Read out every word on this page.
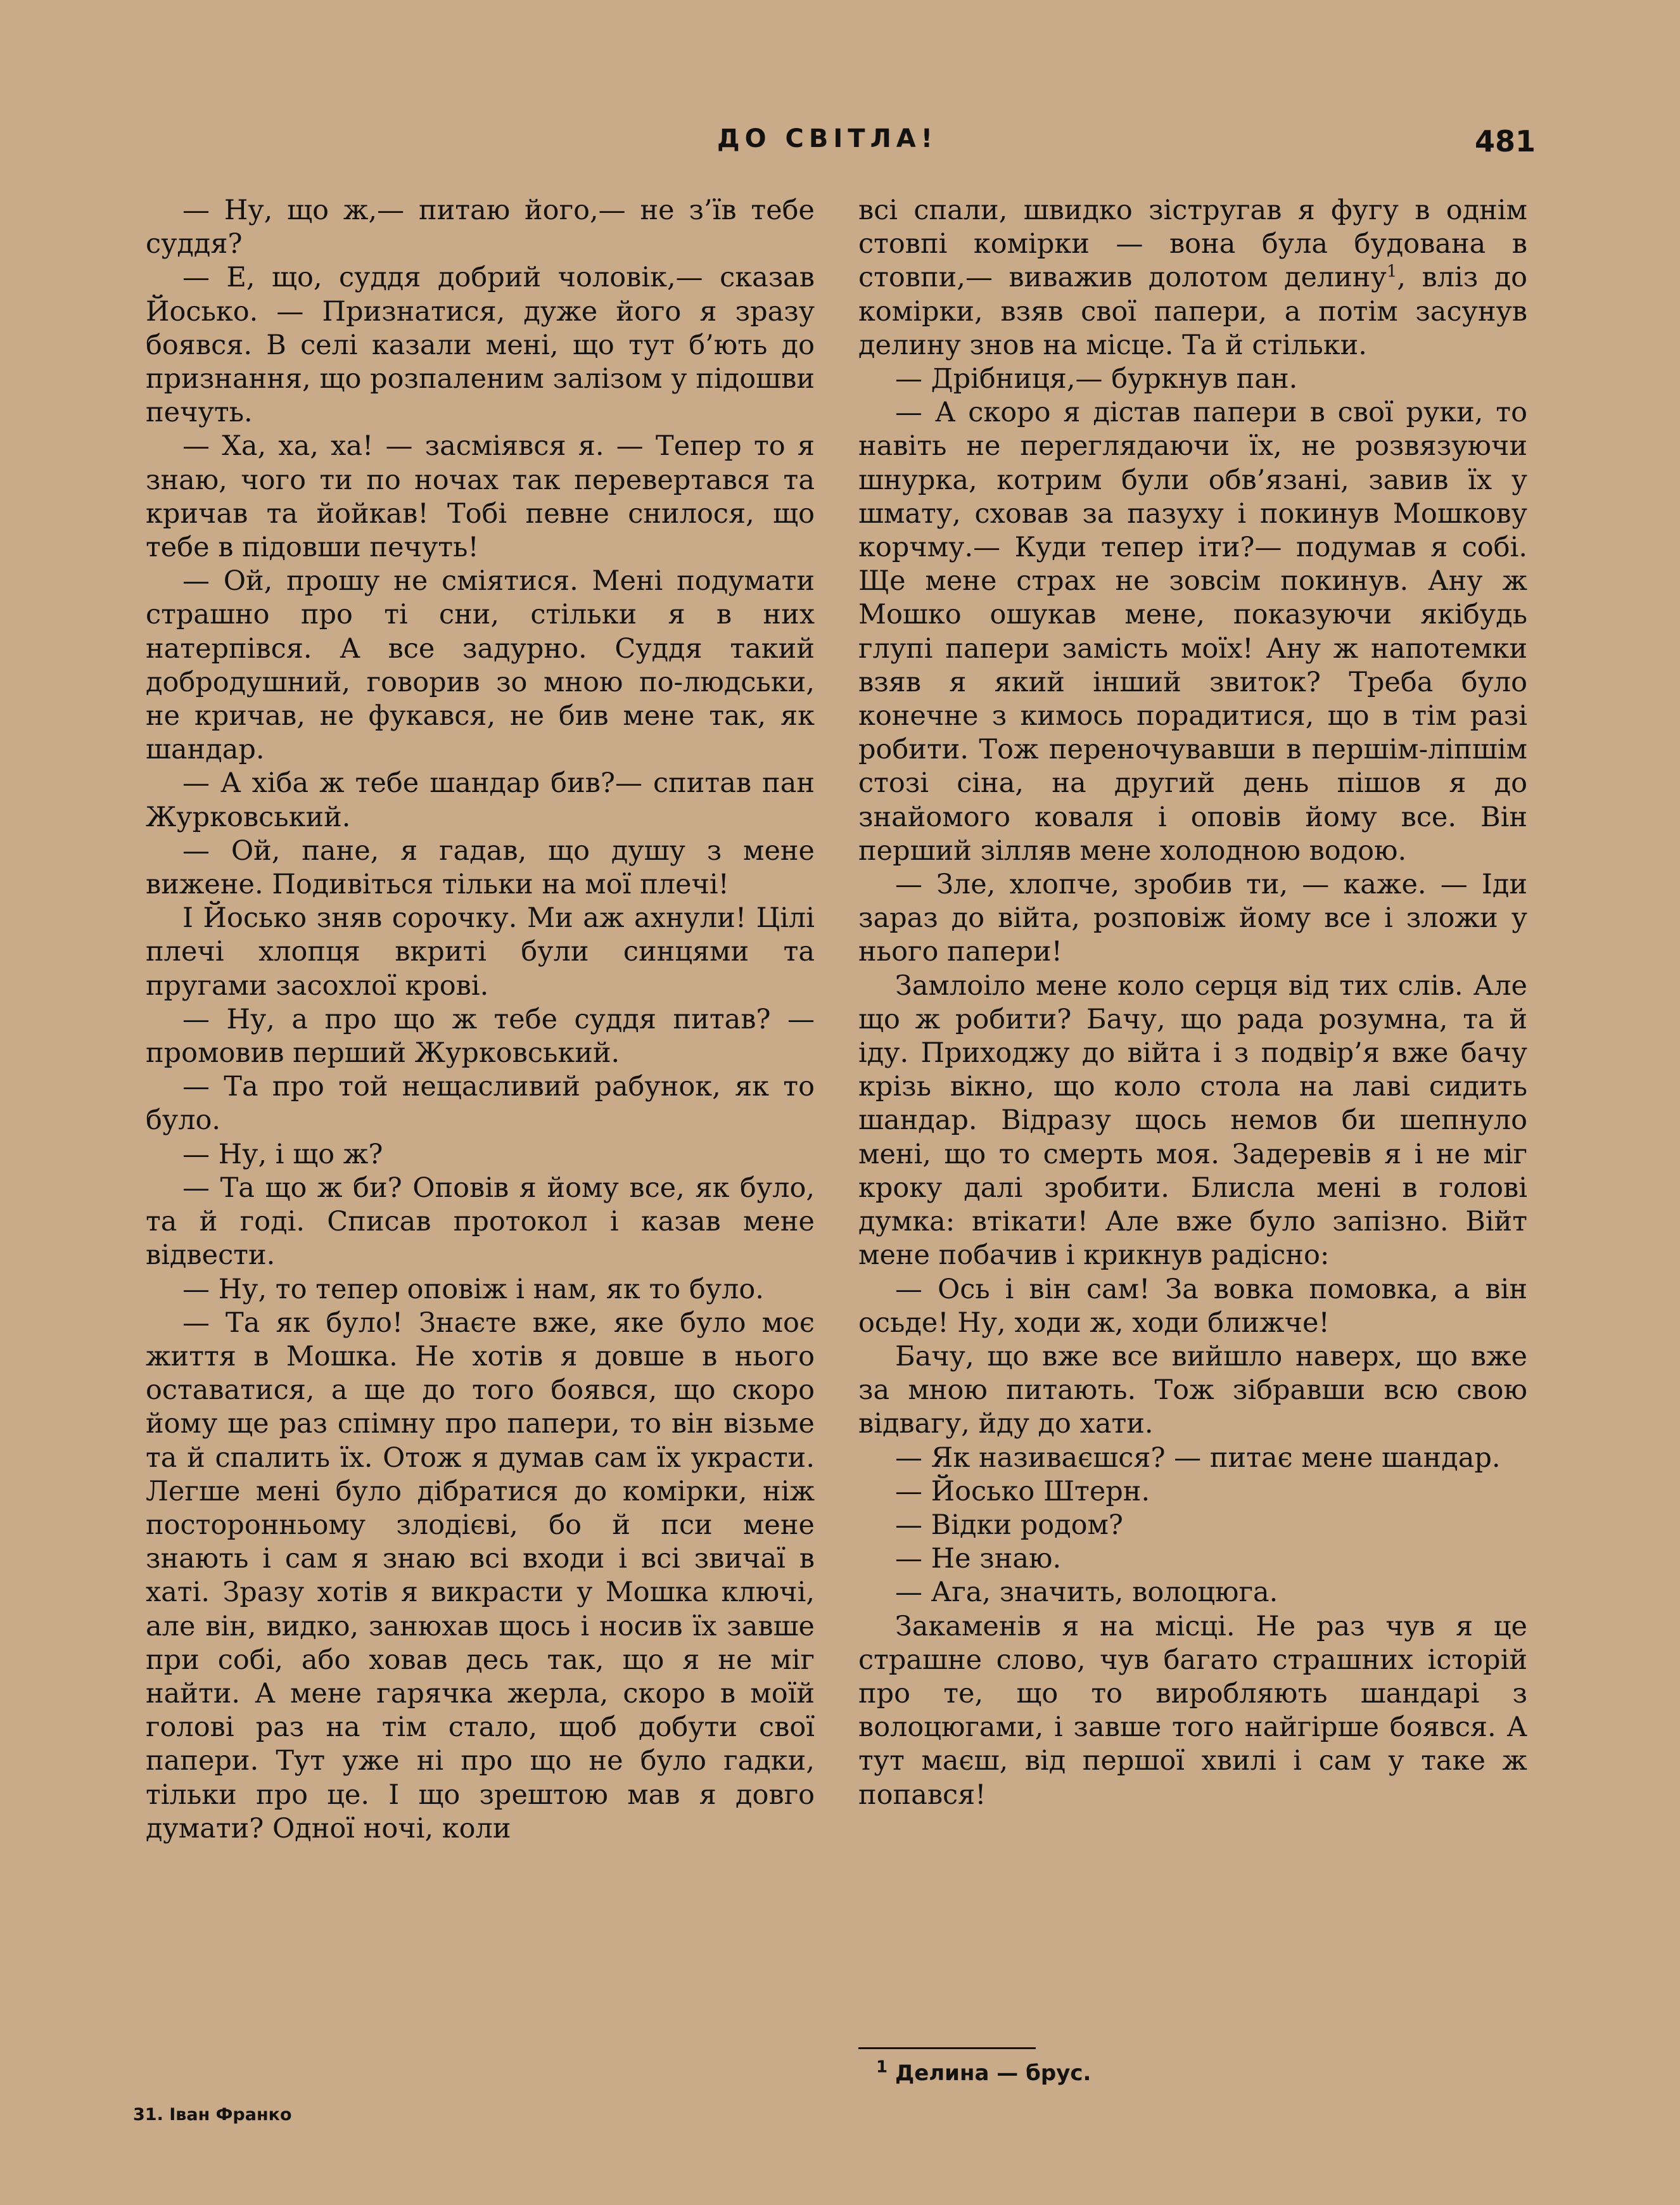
ДО СВІТЛА!	481

— Ну, що ж,— питаю його,— не з’їв тебе суддя?

— Е, що, суддя добрий чоловік,— сказав Йосько. — Признатися, дуже його я зразу боявся. В селі казали мені, що тут б’ють до признання, що розпаленим залізом у підошви печуть.

— Ха, ха, ха! — засміявся я. — Тепер то я знаю, чого ти по ночах так перевертався та кричав та йойкав! Тобі певне снилося, що тебе в підовши печуть!

— Ой, прошу не сміятися. Мені подумати страшно про ті сни, стільки я в них натерпівся. А все задурно. Суддя такий добродушний, говорив зо мною по-людськи, не кричав, не фукався, не бив мене так, як шандар.

— А хіба ж тебе шандар бив?— спитав пан Журковський.

— Ой, пане, я гадав, що душу з мене вижене. Подивіться тільки на мої плечі!

І Йосько зняв сорочку. Ми аж ахнули! Цілі плечі хлопця вкриті були синцями та пругами засохлої крові.

— Ну, а про що ж тебе суддя питав? — промовив перший Журковський.

— Та про той нещасливий рабунок, як то було.

— Ну, і що ж?

— Та що ж би? Оповів я йому все, як було, та й годі. Списав протокол і казав мене відвести.

— Ну, то тепер оповіж і нам, як то було.

— Та як було! Знаєте вже, яке було моє життя в Мошка. Не хотів я довше в нього оставатися, а ще до того боявся, що скоро йому ще раз спімну про папери, то він візьме та й спалить їх. Отож я думав сам їх украсти. Легше мені було дібратися до комірки, ніж посторонньому злодієві, бо й пси мене знають і сам я знаю всі входи і всі звичаї в хаті. Зразу хотів я викрасти у Мошка ключі, але він, видко, занюхав щось і носив їх завше при собі, або ховав десь так, що я не міг найти. А мене гарячка жерла, скоро в моїй голові раз на тім стало, щоб добути свої папери. Тут уже ні про що не було гадки, тільки про це. І що зрештою мав я довго думати? Одної ночі, коли

всі спали, швидко зістругав я фугу в однім стовпі комірки — вона була будована в стовпи,— виважив долотом делину$^1$, вліз до комірки, взяв свої папери, а потім засунув делину знов на місце. Та й стільки.

— Дрібниця,— буркнув пан.

— А скоро я дістав папери в свої руки, то навіть не переглядаючи їх, не розвязуючи шнурка, котрим були обв’язані, завив їх у шмату, сховав за пазуху і покинув Мошкову корчму.— Куди тепер іти?— подумав я собі. Ще мене страх не зовсім покинув. Ану ж Мошко ошукав мене, показуючи якібудь глупі папери замість моїх! Ану ж напотемки взяв я який інший звиток? Треба було конечне з кимось порадитися, що в тім разі робити. Тож переночувавши в першім-ліпшім стозі сіна, на другий день пішов я до знайомого коваля і оповів йому все. Він перший зілляв мене холодною водою.

— Зле, хлопче, зробив ти, — каже. — Іди зараз до війта, розповіж йому все і зложи у нього папери!

Замлоіло мене коло серця від тих слів. Але що ж робити? Бачу, що рада розумна, та й іду. Приходжу до війта і з подвір’я вже бачу крізь вікно, що коло стола на лаві сидить шандар. Відразу щось немов би шепнуло мені, що то смерть моя. Задеревів я і не міг кроку далі зробити. Блисла мені в голові думка: втікати! Але вже було запізно. Війт мене побачив і крикнув радісно:

— Ось і він сам! За вовка помовка, а він осьде! Ну, ходи ж, ходи ближче!

Бачу, що вже все вийшло наверх, що вже за мною питають. Тож зібравши всю свою відвагу, йду до хати.

— Як називаєшся? — питає мене шандар.

— Йосько Штерн.

— Відки родом?

— Не знаю.

— Ага, значить, волоцюга.

Закаменів я на місці. Не раз чув я це страшне слово, чув багато страшних історій про те, що то виробляють шандарі з волоцюгами, і завше того найгірше боявся. А тут маєш, від першої хвилі і сам у таке ж попався!

$^1$ Делина — брус.
31. Іван Франко
